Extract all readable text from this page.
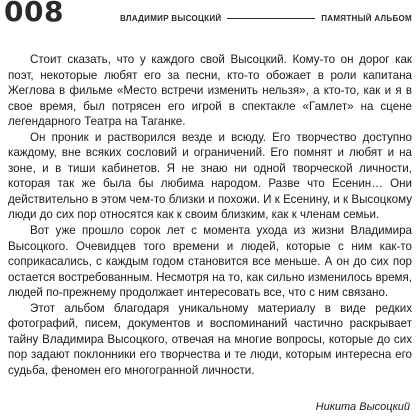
008	ВЛАДИМИР ВЫСОЦКИЙ	ПАМЯТНЫЙ АЛЬБОМ

Стоит сказать, что у каждого свой Высоцкий. Кому-то он дорог как поэт, некоторые любят его за песни, кто-то обожает в роли капитана Жеглова в фильме «Место встречи изменить нельзя», а кто-то, как и я в свое время, был потрясен его игрой в спектакле «Гамлет» на сцене легендарного Театра на Таганке.

Он проник и растворился везде и всюду. Его творчество доступно каждому, вне всяких сословий и ограничений. Его помнят и любят и на зоне, и в тиши кабинетов. Я не знаю ни одной творческой личности, которая так же была бы любима народом. Разве что Есенин… Они действительно в этом чем-то близки и похожи. И к Есенину, и к Высоцкому люди до сих пор относятся как к своим близким, как к членам семьи.

Вот уже прошло сорок лет с момента ухода из жизни Владимира Высоцкого. Очевидцев того времени и людей, которые с ним как-то соприкасались, с каждым годом становится все меньше. А он до сих пор остается востребованным. Несмотря на то, как сильно изменилось время, людей по-прежнему продолжает интересовать все, что с ним связано.

Этот альбом благодаря уникальному материалу в виде редких фотографий, писем, документов и воспоминаний частично раскрывает тайну Владимира Высоцкого, отвечая на многие вопросы, которые до сих пор задают поклонники его творчества и те люди, которым интересна его судьба, феномен его многогранной личности.

Никита Высоцкий
